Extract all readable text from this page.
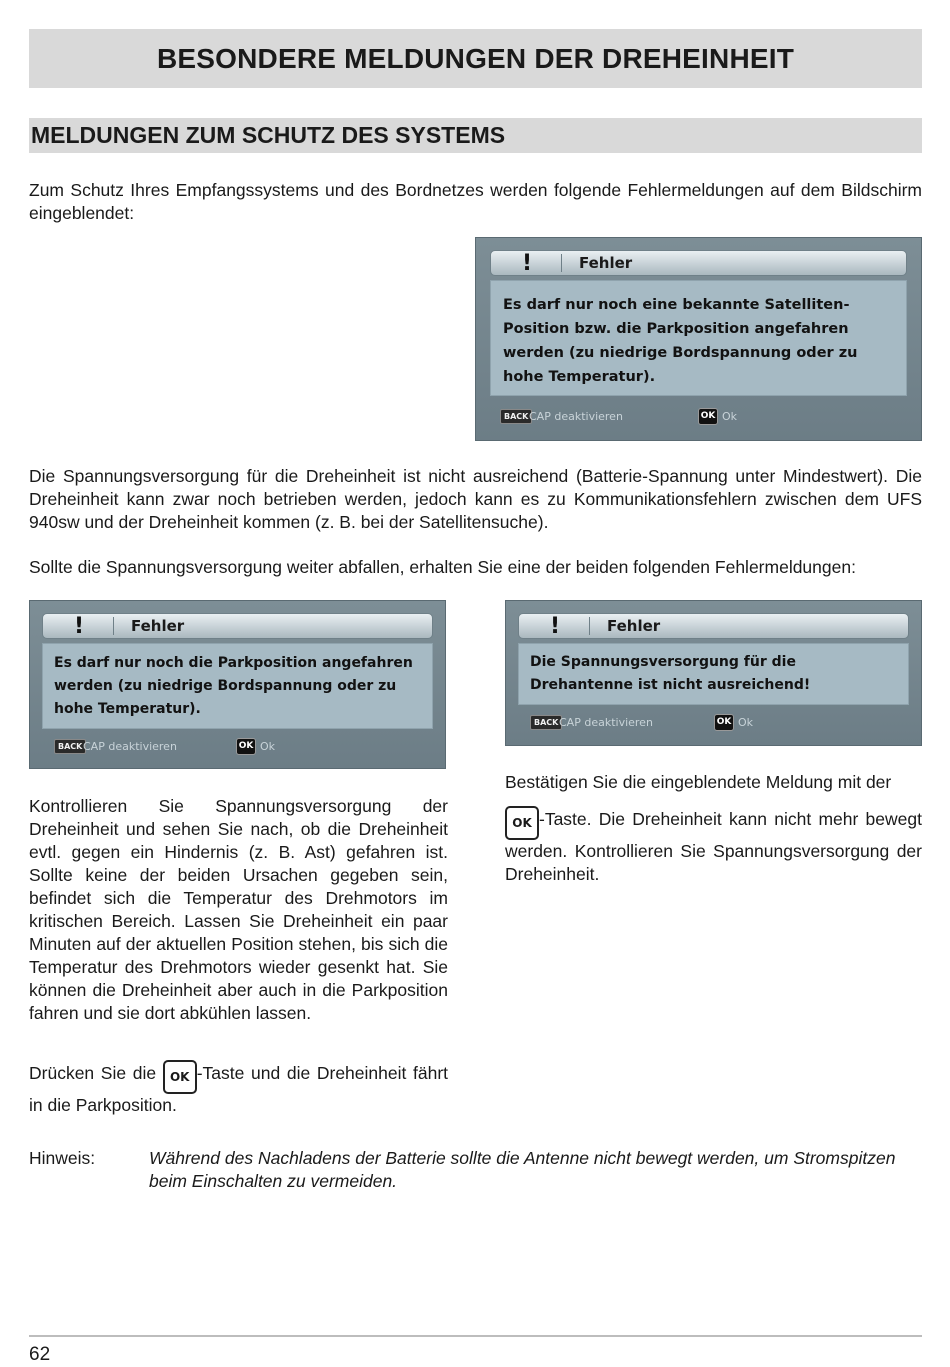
BESONDERE MELDUNGEN DER DREHEINHEIT
MELDUNGEN ZUM SCHUTZ DES SYSTEMS

Zum Schutz Ihres Empfangssystems und des Bordnetzes werden folgende Fehlermeldungen auf dem Bildschirm eingeblendet:

!	Fehler
Es darf nur noch eine bekannte Satelliten-Position bzw. die Parkposition angefahren werden (zu niedrige Bordspannung oder zu hohe Temperatur).
BACK CAP deaktivieren	OK Ok

Die Spannungsversorgung für die Dreheinheit ist nicht ausreichend (Batterie-Spannung unter Mindestwert). Die Dreheinheit kann zwar noch betrieben werden, jedoch kann es zu Kommunikationsfehlern zwischen dem UFS 940sw und der Dreheinheit kommen (z. B. bei der Satellitensuche).

Sollte die Spannungsversorgung weiter abfallen, erhalten Sie eine der beiden folgenden Fehlermeldungen:

!	Fehler
Es darf nur noch die Parkposition angefahren werden (zu niedrige Bordspannung oder zu hohe Temperatur).
BACK CAP deaktivieren	OK Ok
!	Fehler
Die Spannungsversorgung für die Drehantenne ist nicht ausreichend!
BACK CAP deaktivieren	OK Ok

Kontrollieren Sie Spannungsversorgung der Dreheinheit und sehen Sie nach, ob die Dreheinheit evtl. gegen ein Hindernis (z. B. Ast) gefahren ist. Sollte keine der beiden Ursachen gegeben sein, befindet sich die Temperatur des Drehmotors im kritischen Bereich. Lassen Sie Dreheinheit ein paar Minuten auf der aktuellen Position stehen, bis sich die Temperatur des Drehmotors wieder gesenkt hat. Sie können die Dreheinheit aber auch in die Parkposition fahren und sie dort abkühlen lassen.

Drücken Sie die OK -Taste und die Dreheinheit fährt in die Parkposition.

Bestätigen Sie die eingeblendete Meldung mit der

OK -Taste. Die Dreheinheit kann nicht mehr bewegt werden. Kontrollieren Sie Spannungsversorgung der Dreheinheit.

Hinweis:	Während des Nachladens der Batterie sollte die Antenne nicht bewegt werden, um Stromspitzen beim Einschalten zu vermeiden.
62
